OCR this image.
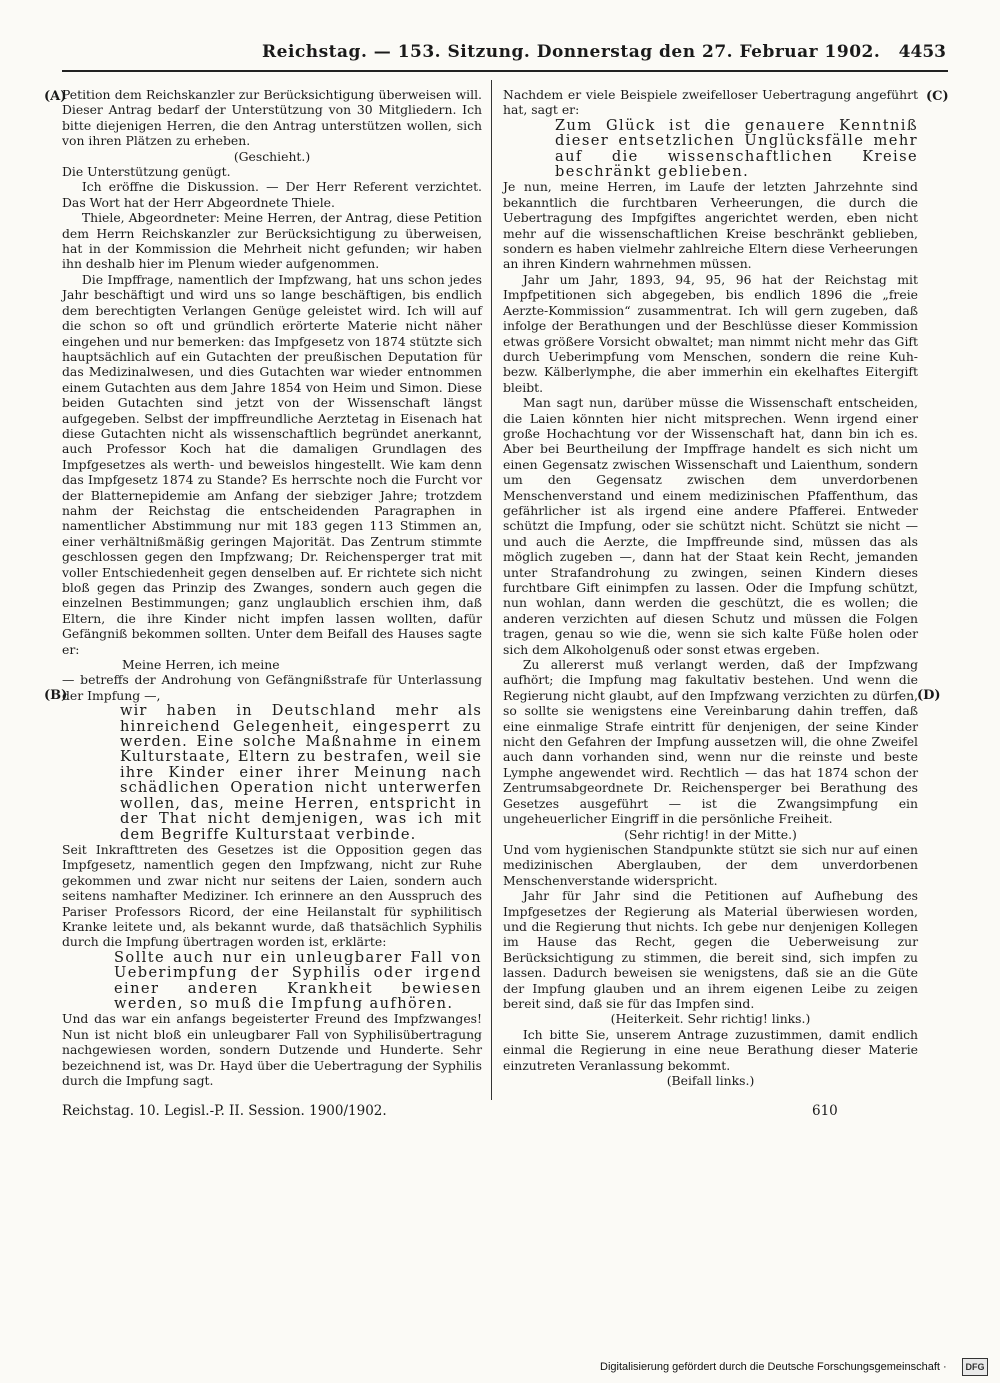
Reichstag. — 153. Sitzung. Donnerstag den 27. Februar 1902. 4453
(A)
(B)
(C)
(D)

Petition dem Reichskanzler zur Berücksichtigung überweisen will. Dieser Antrag bedarf der Unterstützung von 30 Mitgliedern. Ich bitte diejenigen Herren, die den Antrag unterstützen wollen, sich von ihren Plätzen zu erheben.

(Geschieht.)

Die Unterstützung genügt.

Ich eröffne die Diskussion. — Der Herr Referent verzichtet. Das Wort hat der Herr Abgeordnete Thiele.

Thiele, Abgeordneter: Meine Herren, der Antrag, diese Petition dem Herrn Reichskanzler zur Berücksichtigung zu überweisen, hat in der Kommission die Mehrheit nicht gefunden; wir haben ihn deshalb hier im Plenum wieder aufgenommen.

Die Impffrage, namentlich der Impfzwang, hat uns schon jedes Jahr beschäftigt und wird uns so lange beschäftigen, bis endlich dem berechtigten Verlangen Genüge geleistet wird. Ich will auf die schon so oft und gründlich erörterte Materie nicht näher eingehen und nur bemerken: das Impfgesetz von 1874 stützte sich hauptsächlich auf ein Gutachten der preußischen Deputation für das Medizinalwesen, und dies Gutachten war wieder entnommen einem Gutachten aus dem Jahre 1854 von Heim und Simon. Diese beiden Gutachten sind jetzt von der Wissenschaft längst aufgegeben. Selbst der impffreundliche Aerztetag in Eisenach hat diese Gutachten nicht als wissenschaftlich begründet anerkannt, auch Professor Koch hat die damaligen Grundlagen des Impfgesetzes als werth- und beweislos hingestellt. Wie kam denn das Impfgesetz 1874 zu Stande? Es herrschte noch die Furcht vor der Blatternepidemie am Anfang der siebziger Jahre; trotzdem nahm der Reichstag die entscheidenden Paragraphen in namentlicher Abstimmung nur mit 183 gegen 113 Stimmen an, einer verhältnißmäßig geringen Majorität. Das Zentrum stimmte geschlossen gegen den Impfzwang; Dr. Reichensperger trat mit voller Entschiedenheit gegen denselben auf. Er richtete sich nicht bloß gegen das Prinzip des Zwanges, sondern auch gegen die einzelnen Bestimmungen; ganz unglaublich erschien ihm, daß Eltern, die ihre Kinder nicht impfen lassen wollten, dafür Gefängniß bekommen sollten. Unter dem Beifall des Hauses sagte er:

Meine Herren, ich meine

— betreffs der Androhung von Gefängnißstrafe für Unterlassung der Impfung —,

wir haben in Deutschland mehr als hinreichend Gelegenheit, eingesperrt zu werden. Eine solche Maßnahme in einem Kulturstaate, Eltern zu bestrafen, weil sie ihre Kinder einer ihrer Meinung nach schädlichen Operation nicht unterwerfen wollen, das, meine Herren, entspricht in der That nicht demjenigen, was ich mit dem Begriffe Kulturstaat verbinde.

Seit Inkrafttreten des Gesetzes ist die Opposition gegen das Impfgesetz, namentlich gegen den Impfzwang, nicht zur Ruhe gekommen und zwar nicht nur seitens der Laien, sondern auch seitens namhafter Mediziner. Ich erinnere an den Ausspruch des Pariser Professors Ricord, der eine Heilanstalt für syphilitisch Kranke leitete und, als bekannt wurde, daß thatsächlich Syphilis durch die Impfung übertragen worden ist, erklärte:

Sollte auch nur ein unleugbarer Fall von Ueberimpfung der Syphilis oder irgend einer anderen Krankheit bewiesen werden, so muß die Impfung aufhören.

Und das war ein anfangs begeisterter Freund des Impfzwanges! Nun ist nicht bloß ein unleugbarer Fall von Syphilisübertragung nachgewiesen worden, sondern Dutzende und Hunderte. Sehr bezeichnend ist, was Dr. Hayd über die Uebertragung der Syphilis durch die Impfung sagt.

Nachdem er viele Beispiele zweifelloser Uebertragung angeführt hat, sagt er:

Zum Glück ist die genauere Kenntniß dieser entsetzlichen Unglücksfälle mehr auf die wissenschaftlichen Kreise beschränkt geblieben.

Je nun, meine Herren, im Laufe der letzten Jahrzehnte sind bekanntlich die furchtbaren Verheerungen, die durch die Uebertragung des Impfgiftes angerichtet werden, eben nicht mehr auf die wissenschaftlichen Kreise beschränkt geblieben, sondern es haben vielmehr zahlreiche Eltern diese Verheerungen an ihren Kindern wahrnehmen müssen.

Jahr um Jahr, 1893, 94, 95, 96 hat der Reichstag mit Impfpetitionen sich abgegeben, bis endlich 1896 die „freie Aerzte-Kommission“ zusammentrat. Ich will gern zugeben, daß infolge der Berathungen und der Beschlüsse dieser Kommission etwas größere Vorsicht obwaltet; man nimmt nicht mehr das Gift durch Ueberimpfung vom Menschen, sondern die reine Kuh- bezw. Kälberlymphe, die aber immerhin ein ekelhaftes Eitergift bleibt.

Man sagt nun, darüber müsse die Wissenschaft entscheiden, die Laien könnten hier nicht mitsprechen. Wenn irgend einer große Hochachtung vor der Wissenschaft hat, dann bin ich es. Aber bei Beurtheilung der Impffrage handelt es sich nicht um einen Gegensatz zwischen Wissenschaft und Laienthum, sondern um den Gegensatz zwischen dem unverdorbenen Menschenverstand und einem medizinischen Pfaffenthum, das gefährlicher ist als irgend eine andere Pfafferei. Entweder schützt die Impfung, oder sie schützt nicht. Schützt sie nicht — und auch die Aerzte, die Impffreunde sind, müssen das als möglich zugeben —, dann hat der Staat kein Recht, jemanden unter Strafandrohung zu zwingen, seinen Kindern dieses furchtbare Gift einimpfen zu lassen. Oder die Impfung schützt, nun wohlan, dann werden die geschützt, die es wollen; die anderen verzichten auf diesen Schutz und müssen die Folgen tragen, genau so wie die, wenn sie sich kalte Füße holen oder sich dem Alkoholgenuß oder sonst etwas ergeben.

Zu allererst muß verlangt werden, daß der Impfzwang aufhört; die Impfung mag fakultativ bestehen. Und wenn die Regierung nicht glaubt, auf den Impfzwang verzichten zu dürfen, so sollte sie wenigstens eine Vereinbarung dahin treffen, daß eine einmalige Strafe eintritt für denjenigen, der seine Kinder nicht den Gefahren der Impfung aussetzen will, die ohne Zweifel auch dann vorhanden sind, wenn nur die reinste und beste Lymphe angewendet wird. Rechtlich — das hat 1874 schon der Zentrumsabgeordnete Dr. Reichensperger bei Berathung des Gesetzes ausgeführt — ist die Zwangsimpfung ein ungeheuerlicher Eingriff in die persönliche Freiheit.

(Sehr richtig! in der Mitte.)

Und vom hygienischen Standpunkte stützt sie sich nur auf einen medizinischen Aberglauben, der dem unverdorbenen Menschenverstande widerspricht.

Jahr für Jahr sind die Petitionen auf Aufhebung des Impfgesetzes der Regierung als Material überwiesen worden, und die Regierung thut nichts. Ich gebe nur denjenigen Kollegen im Hause das Recht, gegen die Ueberweisung zur Berücksichtigung zu stimmen, die bereit sind, sich impfen zu lassen. Dadurch beweisen sie wenigstens, daß sie an die Güte der Impfung glauben und an ihrem eigenen Leibe zu zeigen bereit sind, daß sie für das Impfen sind.

(Heiterkeit. Sehr richtig! links.)

Ich bitte Sie, unserem Antrage zuzustimmen, damit endlich einmal die Regierung in eine neue Berathung dieser Materie einzutreten Veranlassung bekommt.

(Beifall links.)

Reichstag. 10. Legisl.-P. II. Session. 1900/1902.	610
Digitalisierung gefördert durch die Deutsche Forschungsgemeinschaft ·	DFG
